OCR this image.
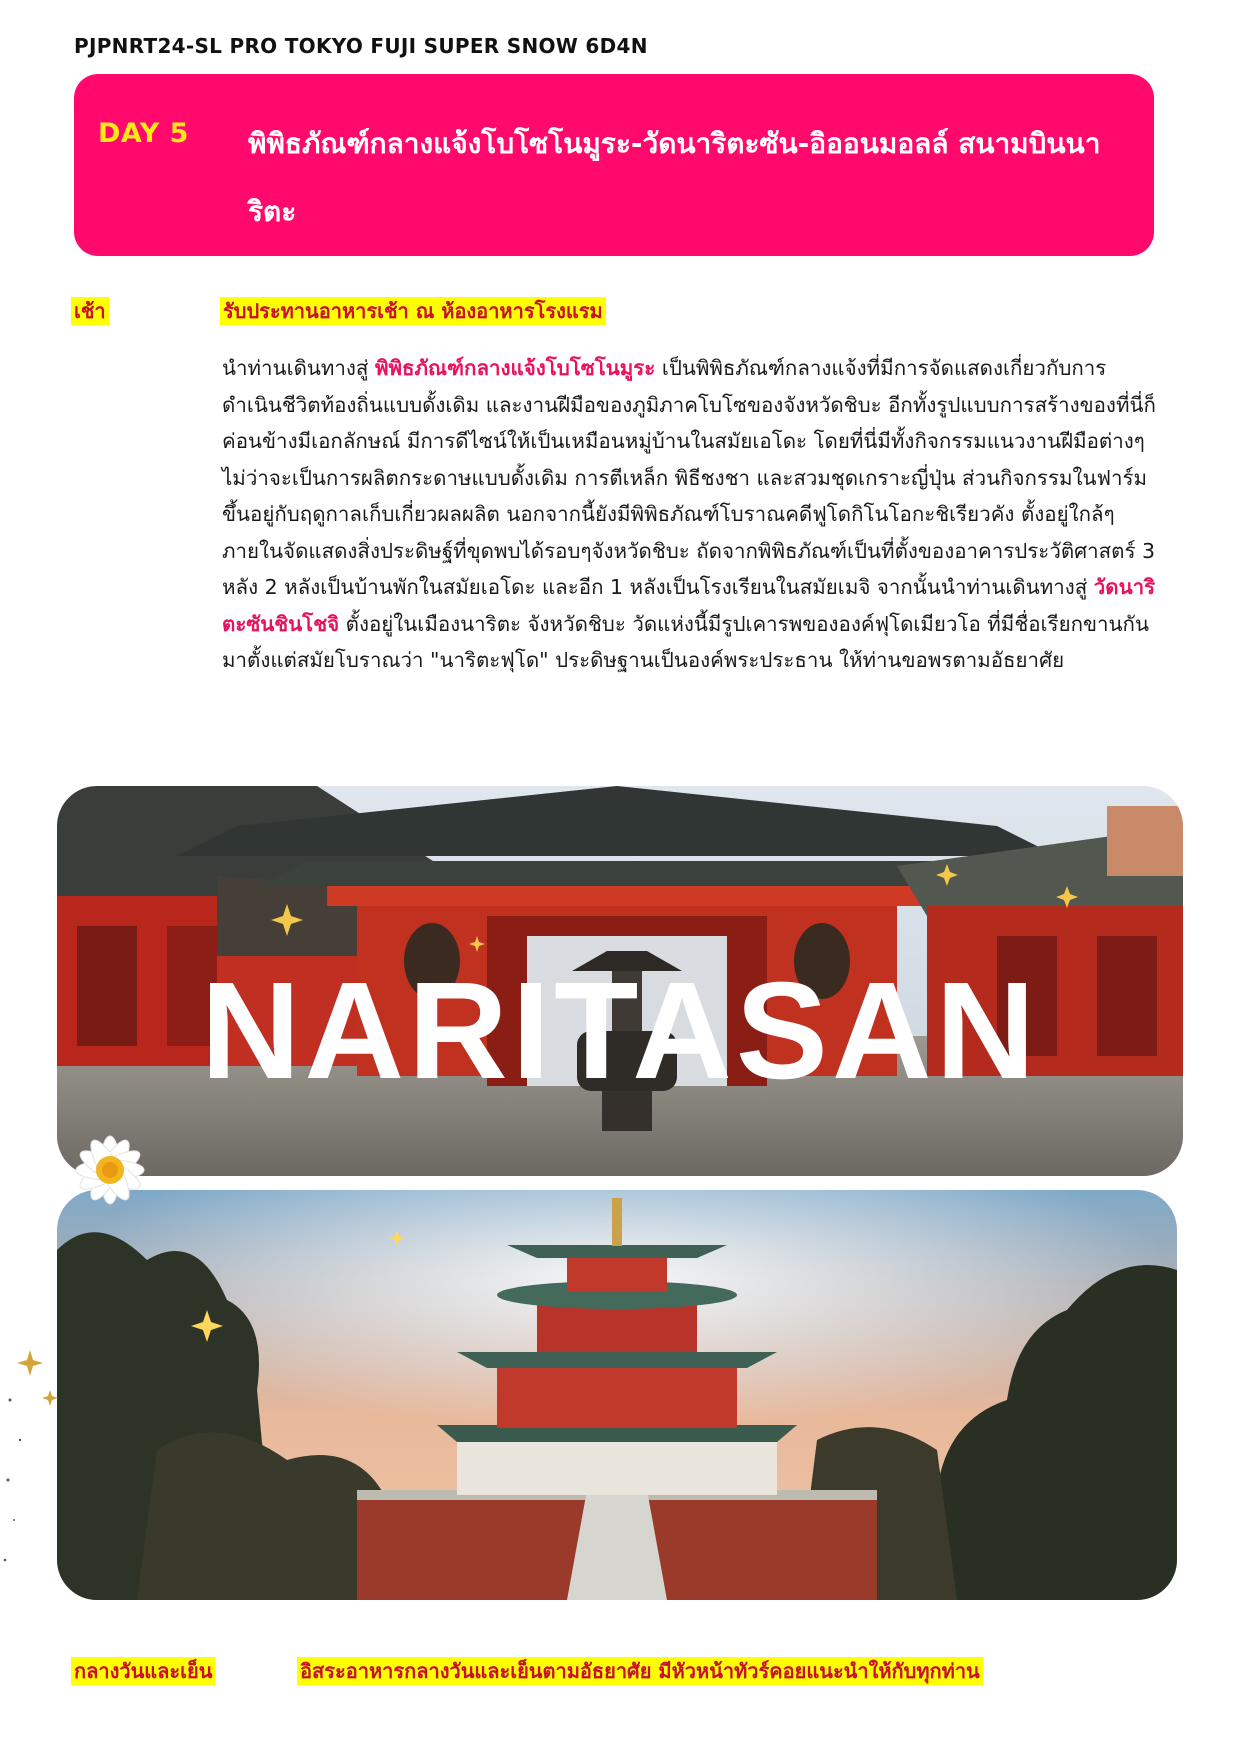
PJPNRT24-SL PRO TOKYO FUJI SUPER SNOW 6D4N
DAY 5 พิพิธภัณฑ์กลางแจ้งโบโซโนมูระ-วัดนาริตะซัน-อิออนมอลล์ สนามบินนาริตะ
เช้า	รับประทานอาหารเช้า ณ ห้องอาหารโรงแรม
นำท่านเดินทางสู่ พิพิธภัณฑ์กลางแจ้งโบโซโนมูระ เป็นพิพิธภัณฑ์กลางแจ้งที่มีการจัดแสดงเกี่ยวกับการดำเนินชีวิตท้องถิ่นแบบดั้งเดิม และงานฝีมือของภูมิภาคโบโซของจังหวัดชิบะ อีกทั้งรูปแบบการสร้างของที่นี่ก็ค่อนข้างมีเอกลักษณ์ มีการดีไซน์ให้เป็นเหมือนหมู่บ้านในสมัยเอโดะ โดยที่นี่มีทั้งกิจกรรมแนวงานฝีมือต่างๆไม่ว่าจะเป็นการผลิตกระดาษแบบดั้งเดิม การตีเหล็ก พิธีชงชา และสวมชุดเกราะญี่ปุ่น ส่วนกิจกรรมในฟาร์มขึ้นอยู่กับฤดูกาลเก็บเกี่ยวผลผลิต นอกจากนี้ยังมีพิพิธภัณฑ์โบราณคดีฟูโดกิโนโอกะชิเรียวคัง ตั้งอยู่ใกล้ๆ ภายในจัดแสดงสิ่งประดิษฐ์ที่ขุดพบได้รอบๆจังหวัดชิบะ ถัดจากพิพิธภัณฑ์เป็นที่ตั้งของอาคารประวัติศาสตร์ 3 หลัง 2 หลังเป็นบ้านพักในสมัยเอโดะ และอีก 1 หลังเป็นโรงเรียนในสมัยเมจิ จากนั้นนำท่านเดินทางสู่ วัดนาริตะซันชินโชจิ ตั้งอยู่ในเมืองนาริตะ จังหวัดชิบะ วัดแห่งนี้มีรูปเคารพขององค์ฟุโดเมียวโอ ที่มีชื่อเรียกขานกันมาตั้งแต่สมัยโบราณว่า "นาริตะฟุโด" ประดิษฐานเป็นองค์พระประธาน ให้ท่านขอพรตามอัธยาศัย
NARITASAN
กลางวันและเย็น	อิสระอาหารกลางวันและเย็นตามอัธยาศัย มีหัวหน้าทัวร์คอยแนะนำให้กับทุกท่าน
